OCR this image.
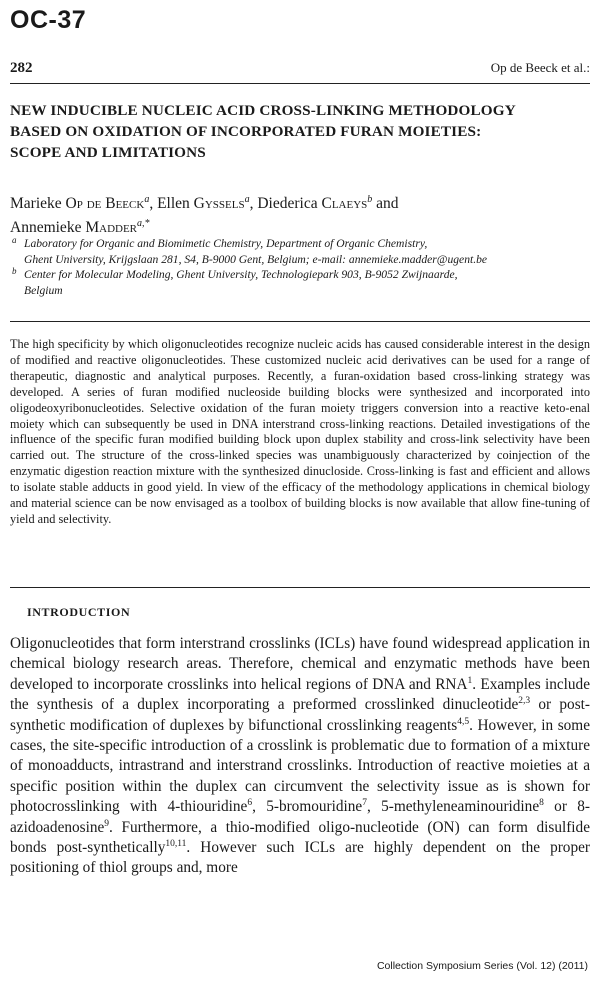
OC-37
282	Op de Beeck et al.:
NEW INDUCIBLE NUCLEIC ACID CROSS-LINKING METHODOLOGY
BASED ON OXIDATION OF INCORPORATED FURAN MOIETIES:
SCOPE AND LIMITATIONS
Marieke Op de Beeck$^a$, Ellen Gyssels$^a$, Diederica Claeys$^b$ and
Annemieke Madder$^{a,*}$
a Laboratory for Organic and Biomimetic Chemistry, Department of Organic Chemistry,
Ghent University, Krijgslaan 281, S4, B-9000 Gent, Belgium; e-mail: annemieke.madder@ugent.be
b Center for Molecular Modeling, Ghent University, Technologiepark 903, B-9052 Zwijnaarde,
Belgium
The high specificity by which oligonucleotides recognize nucleic acids has caused considerable interest in the design of modified and reactive oligonucleotides. These customized nucleic acid derivatives can be used for a range of therapeutic, diagnostic and analytical purposes. Recently, a furan-oxidation based cross-linking strategy was developed. A series of furan modified nucleoside building blocks were synthesized and incorporated into oligodeoxyribonucleotides. Selective oxidation of the furan moiety triggers conversion into a reactive keto-enal moiety which can subsequently be used in DNA interstrand cross-linking reactions. Detailed investigations of the influence of the specific furan modified building block upon duplex stability and cross-link selectivity have been carried out. The structure of the cross-linked species was unambiguously characterized by coinjection of the enzymatic digestion reaction mixture with the synthesized dinucloside. Cross-linking is fast and efficient and allows to isolate stable adducts in good yield. In view of the efficacy of the methodology applications in chemical biology and material science can be now envisaged as a toolbox of building blocks is now available that allow fine-tuning of yield and selectivity.
INTRODUCTION
Oligonucleotides that form interstrand crosslinks (ICLs) have found widespread application in chemical biology research areas. Therefore, chemical and enzymatic methods have been developed to incorporate crosslinks into helical regions of DNA and RNA$^1$. Examples include the synthesis of a duplex incorporating a preformed crosslinked dinucleotide$^{2,3}$ or post-synthetic modification of duplexes by bifunctional crosslinking reagents$^{4,5}$. However, in some cases, the site-specific introduction of a crosslink is problematic due to formation of a mixture of monoadducts, intrastrand and interstrand crosslinks. Introduction of reactive moieties at a specific position within the duplex can circumvent the selectivity issue as is shown for photocrosslinking with 4-thiouridine$^6$, 5-bromouridine$^7$, 5-methyleneaminouridine$^8$ or 8-azidoadenosine$^9$. Furthermore, a thio-modified oligo-nucleotide (ON) can form disulfide bonds post-synthetically$^{10,11}$. However such ICLs are highly dependent on the proper positioning of thiol groups and, more
Collection Symposium Series (Vol. 12) (2011)
